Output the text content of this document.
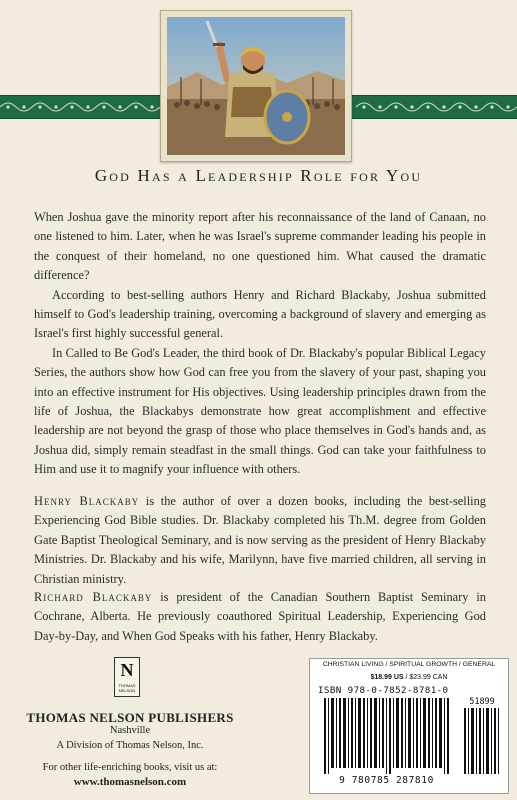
God Has a Leadership Role for You

When Joshua gave the minority report after his reconnaissance of the land of Canaan, no one listened to him. Later, when he was Israel's supreme commander leading his people in the conquest of their homeland, no one questioned him. What caused the dramatic difference?

According to best-selling authors Henry and Richard Blackaby, Joshua submitted himself to God's leadership training, overcoming a background of slavery and emerging as Israel's first highly successful general.

In Called to Be God's Leader, the third book of Dr. Blackaby's popular Biblical Legacy Series, the authors show how God can free you from the slavery of your past, shaping you into an effective instrument for His objectives. Using leadership principles drawn from the life of Joshua, the Blackabys demonstrate how great accomplishment and effective leadership are not beyond the grasp of those who place themselves in God's hands and, as Joshua did, simply remain steadfast in the small things. God can take your faithfulness to Him and use it to magnify your influence with others.

Henry Blackaby is the author of over a dozen books, including the best-selling Experiencing God Bible studies. Dr. Blackaby completed his Th.M. degree from Golden Gate Baptist Theological Seminary, and is now serving as the president of Henry Blackaby Ministries. Dr. Blackaby and his wife, Marilynn, have five married children, all serving in Christian ministry.
Richard Blackaby is president of the Canadian Southern Baptist Seminary in Cochrane, Alberta. He previously coauthored Spiritual Leadership, Experiencing God Day-by-Day, and When God Speaks with his father, Henry Blackaby.
N
THOMAS NELSON
THOMAS NELSON PUBLISHERS
Nashville
A Division of Thomas Nelson, Inc.
For other life-enriching books, visit us at:
www.thomasnelson.com
CHRISTIAN LIVING / SPIRITUAL GROWTH / GENERAL
$18.99 US / $23.99 CAN
ISBN 978-0-7852-8781-0
51899
9 780785 287810
